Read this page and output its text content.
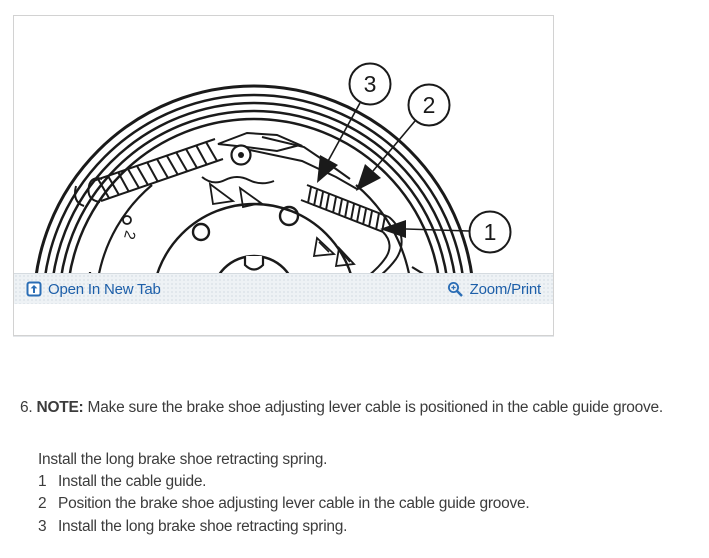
2
3
2
1
Open In New Tab	Zoom/Print

6. NOTE: Make sure the brake shoe adjusting lever cable is positioned in the cable guide groove.

Install the long brake shoe retracting spring.
1 Install the cable guide.
2 Position the brake shoe adjusting lever cable in the cable guide groove.
3 Install the long brake shoe retracting spring.
